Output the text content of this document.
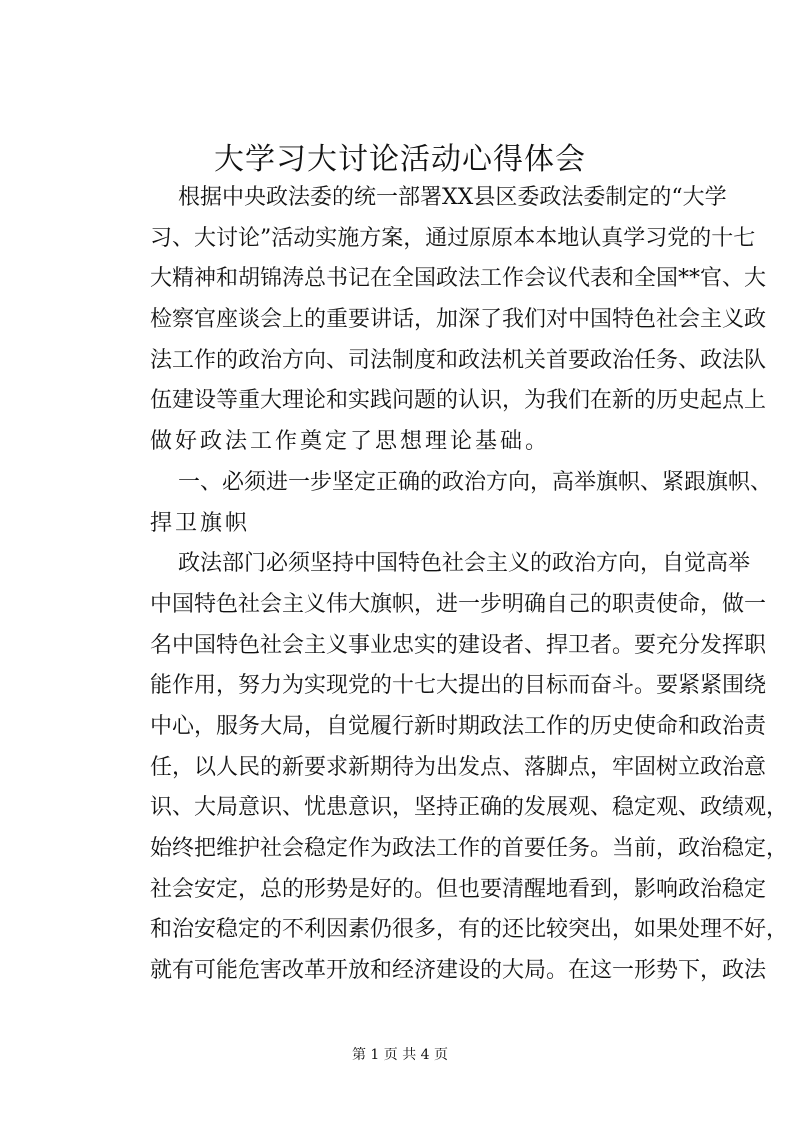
大学习大讨论活动心得体会
根据中央政法委的统一部署XX县区委政法委制定的“大学
习、大讨论”活动实施方案，通过原原本本地认真学习党的十七
大精神和胡锦涛总书记在全国政法工作会议代表和全国**官、大
检察官座谈会上的重要讲话，加深了我们对中国特色社会主义政
法工作的政治方向、司法制度和政法机关首要政治任务、政法队
伍建设等重大理论和实践问题的认识，为我们在新的历史起点上
做好政法工作奠定了思想理论基础。
一、必须进一步坚定正确的政治方向，高举旗帜、紧跟旗帜、
捍卫旗帜
政法部门必须坚持中国特色社会主义的政治方向，自觉高举
中国特色社会主义伟大旗帜，进一步明确自己的职责使命，做一
名中国特色社会主义事业忠实的建设者、捍卫者。要充分发挥职
能作用，努力为实现党的十七大提出的目标而奋斗。要紧紧围绕
中心，服务大局，自觉履行新时期政法工作的历史使命和政治责
任，以人民的新要求新期待为出发点、落脚点，牢固树立政治意
识、大局意识、忧患意识，坚持正确的发展观、稳定观、政绩观，
始终把维护社会稳定作为政法工作的首要任务。当前，政治稳定，
社会安定，总的形势是好的。但也要清醒地看到，影响政治稳定
和治安稳定的不利因素仍很多，有的还比较突出，如果处理不好，
就有可能危害改革开放和经济建设的大局。在这一形势下，政法
第 1 页 共 4 页
